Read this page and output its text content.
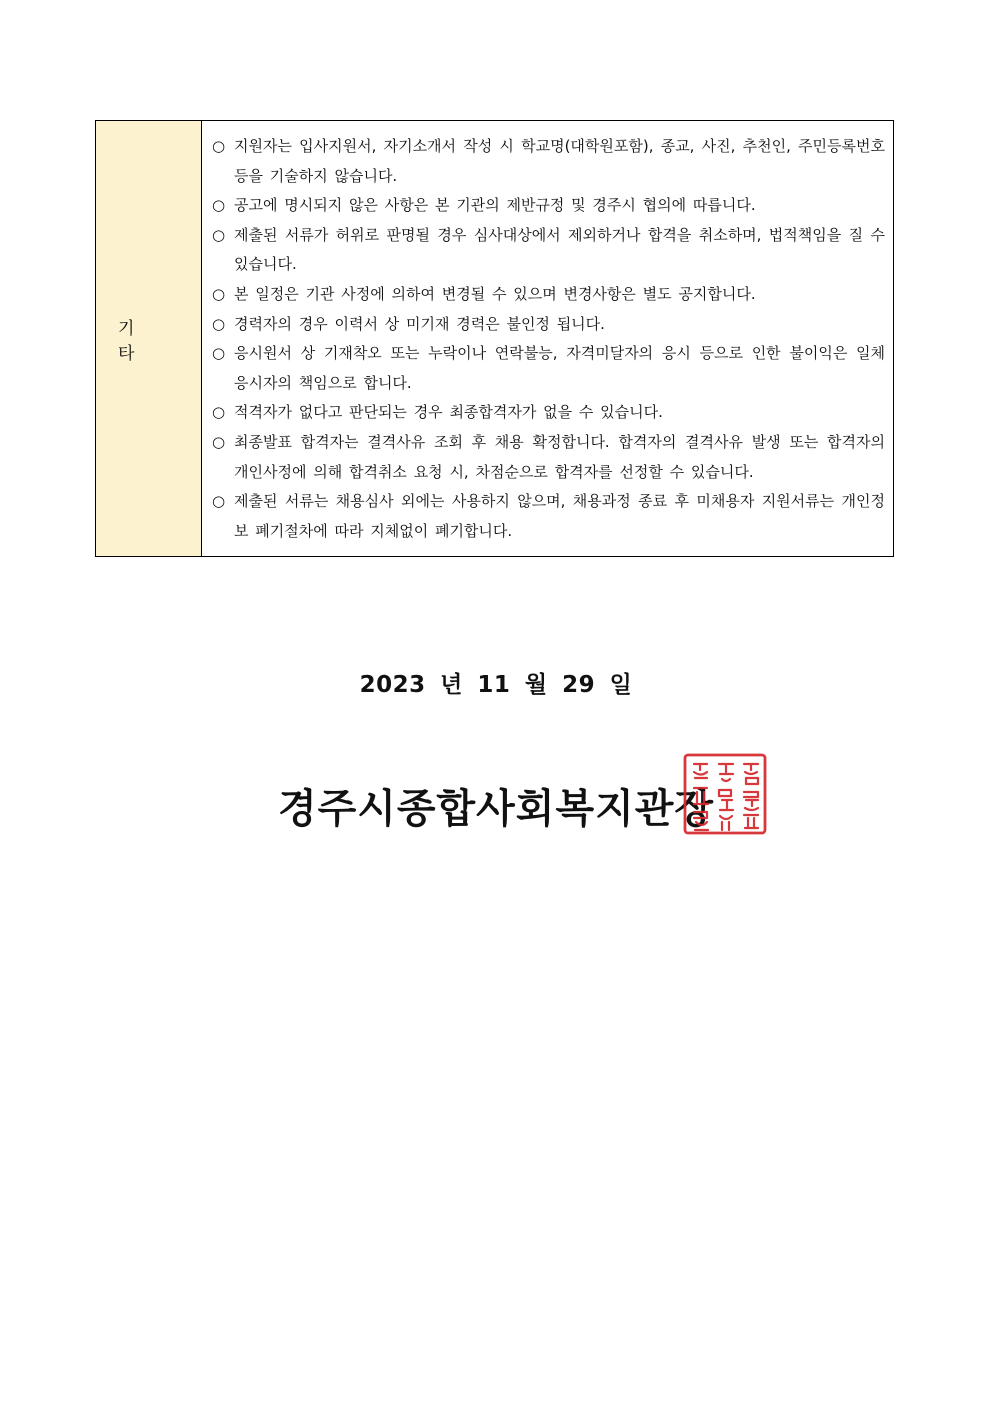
기 타
○ 지원자는 입사지원서, 자기소개서 작성 시 학교명(대학원포함), 종교, 사진, 추천인, 주민등록번호 등을 기술하지 않습니다.
○ 공고에 명시되지 않은 사항은 본 기관의 제반규정 및 경주시 협의에 따릅니다.
○ 제출된 서류가 허위로 판명될 경우 심사대상에서 제외하거나 합격을 취소하며, 법적책임을 질 수 있습니다.
○ 본 일정은 기관 사정에 의하여 변경될 수 있으며 변경사항은 별도 공지합니다.
○ 경력자의 경우 이력서 상 미기재 경력은 불인정 됩니다.
○ 응시원서 상 기재착오 또는 누락이나 연락불능, 자격미달자의 응시 등으로 인한 불이익은 일체 응시자의 책임으로 합니다.
○ 적격자가 없다고 판단되는 경우 최종합격자가 없을 수 있습니다.
○ 최종발표 합격자는 결격사유 조회 후 채용 확정합니다. 합격자의 결격사유 발생 또는 합격자의 개인사정에 의해 합격취소 요청 시, 차점순으로 합격자를 선정할 수 있습니다.
○ 제출된 서류는 채용심사 외에는 사용하지 않으며, 채용과정 종료 후 미채용자 지원서류는 개인정보 폐기절차에 따라 지체없이 폐기합니다.
2023 년 11 월 29 일
경주시종합사회복지관장
